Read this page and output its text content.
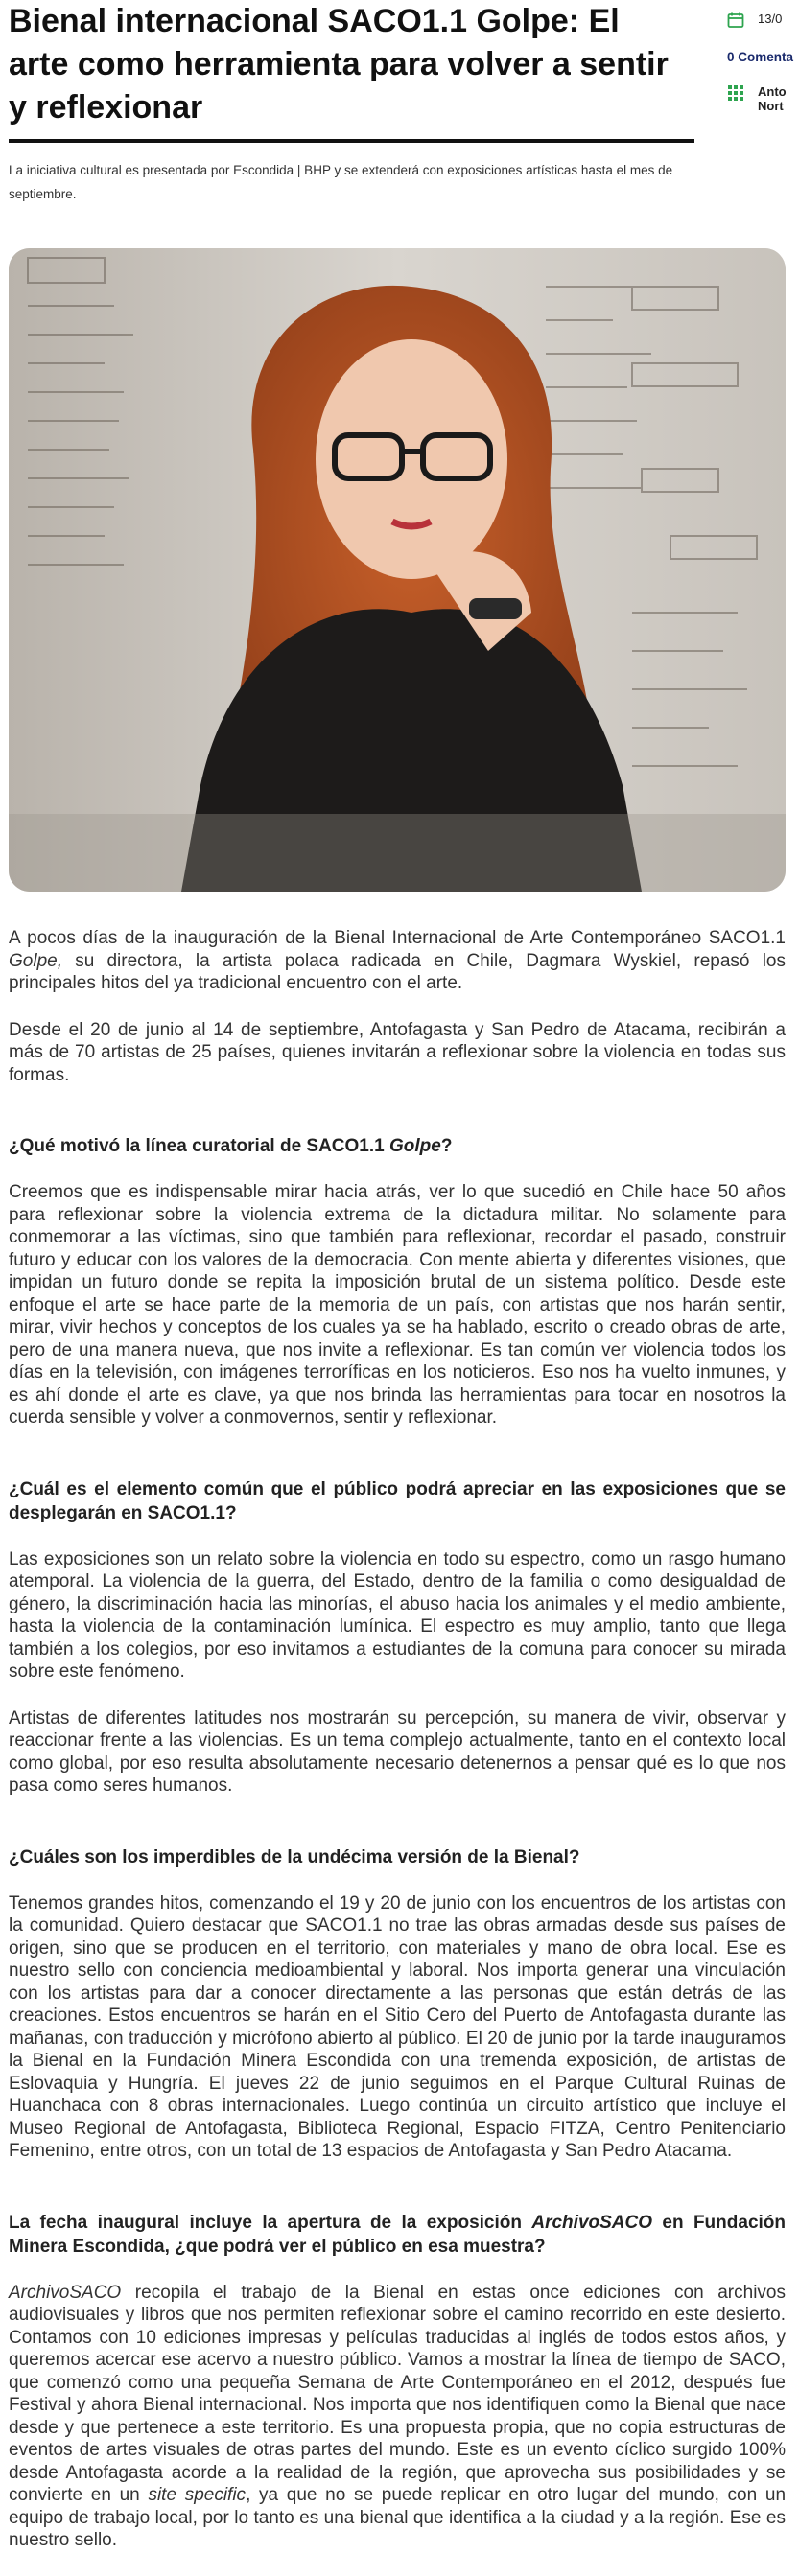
Bienal internacional SACO1.1 Golpe: El arte como herramienta para volver a sentir y reflexionar
La iniciativa cultural es presentada por Escondida | BHP y se extenderá con exposiciones artísticas hasta el mes de septiembre.

A pocos días de la inauguración de la Bienal Internacional de Arte Contemporáneo SACO1.1 Golpe, su directora, la artista polaca radicada en Chile, Dagmara Wyskiel, repasó los principales hitos del ya tradicional encuentro con el arte.

Desde el 20 de junio al 14 de septiembre, Antofagasta y San Pedro de Atacama, recibirán a más de 70 artistas de 25 países, quienes invitarán a reflexionar sobre la violencia en todas sus formas.

¿Qué motivó la línea curatorial de SACO1.1 Golpe?

Creemos que es indispensable mirar hacia atrás, ver lo que sucedió en Chile hace 50 años para reflexionar sobre la violencia extrema de la dictadura militar. No solamente para conmemorar a las víctimas, sino que también para reflexionar, recordar el pasado, construir futuro y educar con los valores de la democracia. Con mente abierta y diferentes visiones, que impidan un futuro donde se repita la imposición brutal de un sistema político. Desde este enfoque el arte se hace parte de la memoria de un país, con artistas que nos harán sentir, mirar, vivir hechos y conceptos de los cuales ya se ha hablado, escrito o creado obras de arte, pero de una manera nueva, que nos invite a reflexionar. Es tan común ver violencia todos los días en la televisión, con imágenes terroríficas en los noticieros. Eso nos ha vuelto inmunes, y es ahí donde el arte es clave, ya que nos brinda las herramientas para tocar en nosotros la cuerda sensible y volver a conmovernos, sentir y reflexionar.

¿Cuál es el elemento común que el público podrá apreciar en las exposiciones que se desplegarán en SACO1.1?

Las exposiciones son un relato sobre la violencia en todo su espectro, como un rasgo humano atemporal. La violencia de la guerra, del Estado, dentro de la familia o como desigualdad de género, la discriminación hacia las minorías, el abuso hacia los animales y el medio ambiente, hasta la violencia de la contaminación lumínica. El espectro es muy amplio, tanto que llega también a los colegios, por eso invitamos a estudiantes de la comuna para conocer su mirada sobre este fenómeno.

Artistas de diferentes latitudes nos mostrarán su percepción, su manera de vivir, observar y reaccionar frente a las violencias. Es un tema complejo actualmente, tanto en el contexto local como global, por eso resulta absolutamente necesario detenernos a pensar qué es lo que nos pasa como seres humanos.

¿Cuáles son los imperdibles de la undécima versión de la Bienal?

Tenemos grandes hitos, comenzando el 19 y 20 de junio con los encuentros de los artistas con la comunidad. Quiero destacar que SACO1.1 no trae las obras armadas desde sus países de origen, sino que se producen en el territorio, con materiales y mano de obra local. Ese es nuestro sello con conciencia medioambiental y laboral. Nos importa generar una vinculación con los artistas para dar a conocer directamente a las personas que están detrás de las creaciones. Estos encuentros se harán en el Sitio Cero del Puerto de Antofagasta durante las mañanas, con traducción y micrófono abierto al público. El 20 de junio por la tarde inauguramos la Bienal en la Fundación Minera Escondida con una tremenda exposición, de artistas de Eslovaquia y Hungría. El jueves 22 de junio seguimos en el Parque Cultural Ruinas de Huanchaca con 8 obras internacionales. Luego continúa un circuito artístico que incluye el Museo Regional de Antofagasta, Biblioteca Regional, Espacio FITZA, Centro Penitenciario Femenino, entre otros, con un total de 13 espacios de Antofagasta y San Pedro Atacama.

La fecha inaugural incluye la apertura de la exposición ArchivoSACO en Fundación Minera Escondida, ¿que podrá ver el público en esa muestra?

ArchivoSACO recopila el trabajo de la Bienal en estas once ediciones con archivos audiovisuales y libros que nos permiten reflexionar sobre el camino recorrido en este desierto. Contamos con 10 ediciones impresas y películas traducidas al inglés de todos estos años, y queremos acercar ese acervo a nuestro público. Vamos a mostrar la línea de tiempo de SACO, que comenzó como una pequeña Semana de Arte Contemporáneo en el 2012, después fue Festival y ahora Bienal internacional. Nos importa que nos identifiquen como la Bienal que nace desde y que pertenece a este territorio. Es una propuesta propia, que no copia estructuras de eventos de artes visuales de otras partes del mundo. Este es un evento cíclico surgido 100% desde Antofagasta acorde a la realidad de la región, que aprovecha sus posibilidades y se convierte en un site specific, ya que no se puede replicar en otro lugar del mundo, con un equipo de trabajo local, por lo tanto es una bienal que identifica a la ciudad y a la región. Ese es nuestro sello.

13/0
0 Comenta
Anto
Nort
